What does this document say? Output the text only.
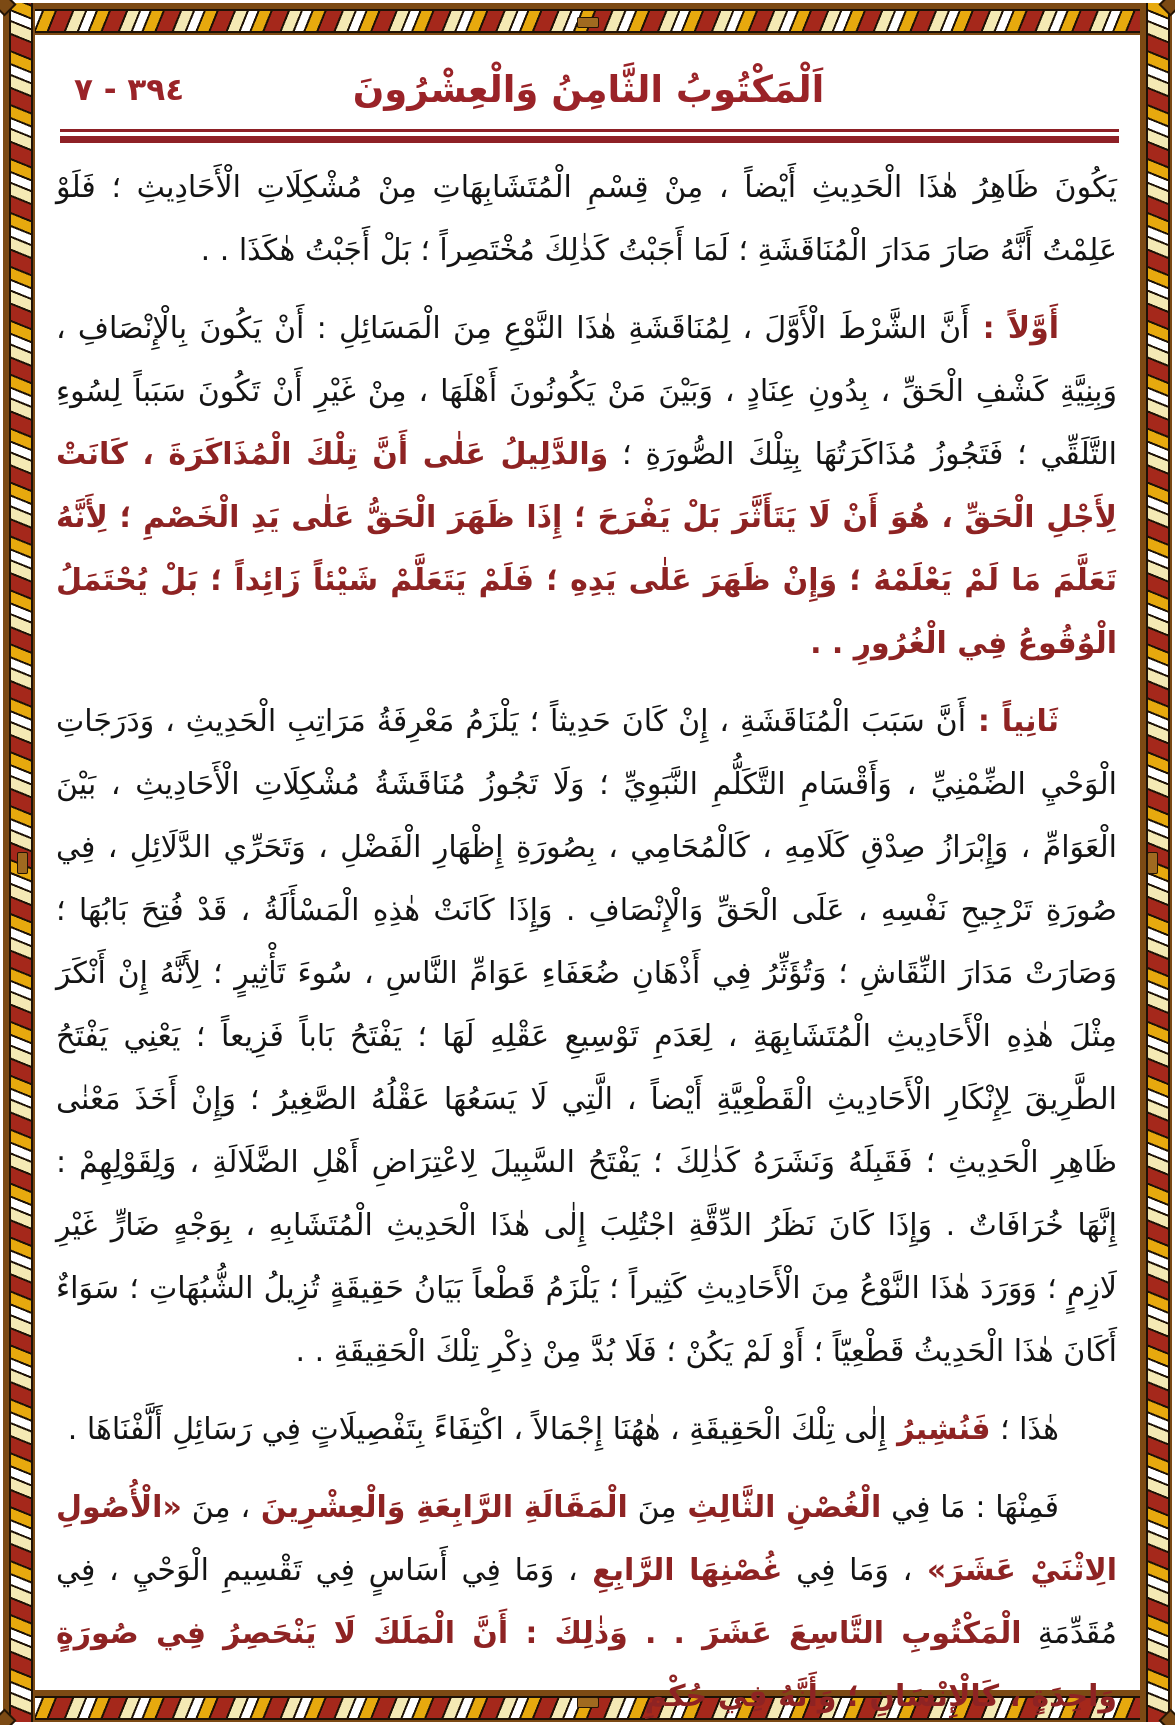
اَلْمَكْتُوبُ الثَّامِنُ وَالْعِشْرُونَ
٣٩٤ - ٧

يَكُونَ ظَاهِرُ هٰذَا الْحَدِيثِ أَيْضاً ، مِنْ قِسْمِ الْمُتَشَابِهَاتِ مِنْ مُشْكِلَاتِ الْأَحَادِيثِ ؛ فَلَوْ عَلِمْتُ أَنَّهُ صَارَ مَدَارَ الْمُنَاقَشَةِ ؛ لَمَا أَجَبْتُ كَذٰلِكَ مُخْتَصِراً ؛ بَلْ أَجَبْتُ هٰكَذَا . .

أَوَّلاً : أَنَّ الشَّرْطَ الْأَوَّلَ ، لِمُنَاقَشَةِ هٰذَا النَّوْعِ مِنَ الْمَسَائِلِ : أَنْ يَكُونَ بِالْإِنْصَافِ ، وَبِنِيَّةِ كَشْفِ الْحَقِّ ، بِدُونِ عِنَادٍ ، وَبَيْنَ مَنْ يَكُونُونَ أَهْلَهَا ، مِنْ غَيْرِ أَنْ تَكُونَ سَبَباً لِسُوءِ التَّلَقِّي ؛ فَتَجُوزُ مُذَاكَرَتُهَا بِتِلْكَ الصُّورَةِ ؛ وَالدَّلِيلُ عَلٰى أَنَّ تِلْكَ الْمُذَاكَرَةَ ، كَانَتْ لِأَجْلِ الْحَقِّ ، هُوَ أَنْ لَا يَتَأَثَّرَ بَلْ يَفْرَحَ ؛ إِذَا ظَهَرَ الْحَقُّ عَلٰى يَدِ الْخَصْمِ ؛ لِأَنَّهُ تَعَلَّمَ مَا لَمْ يَعْلَمْهُ ؛ وَإِنْ ظَهَرَ عَلٰى يَدِهِ ؛ فَلَمْ يَتَعَلَّمْ شَيْئاً زَائِداً ؛ بَلْ يُحْتَمَلُ الْوُقُوعُ فِي الْغُرُورِ . .

ثَانِياً : أَنَّ سَبَبَ الْمُنَاقَشَةِ ، إِنْ كَانَ حَدِيثاً ؛ يَلْزَمُ مَعْرِفَةُ مَرَاتِبِ الْحَدِيثِ ، وَدَرَجَاتِ الْوَحْيِ الضِّمْنِيِّ ، وَأَقْسَامِ التَّكَلُّمِ النَّبَوِيِّ ؛ وَلَا تَجُوزُ مُنَاقَشَةُ مُشْكِلَاتِ الْأَحَادِيثِ ، بَيْنَ الْعَوَامِّ ، وَإِبْرَازُ صِدْقِ كَلَامِهِ ، كَالْمُحَامِي ، بِصُورَةِ إِظْهَارِ الْفَضْلِ ، وَتَحَرِّي الدَّلَائِلِ ، فِي صُورَةِ تَرْجِيحِ نَفْسِهِ ، عَلَى الْحَقِّ وَالْإِنْصَافِ . وَإِذَا كَانَتْ هٰذِهِ الْمَسْأَلَةُ ، قَدْ فُتِحَ بَابُهَا ؛ وَصَارَتْ مَدَارَ النِّقَاشِ ؛ وَتُؤَثِّرُ فِي أَذْهَانِ ضُعَفَاءِ عَوَامِّ النَّاسِ ، سُوءَ تَأْثِيرٍ ؛ لِأَنَّهُ إِنْ أَنْكَرَ مِثْلَ هٰذِهِ الْأَحَادِيثِ الْمُتَشَابِهَةِ ، لِعَدَمِ تَوْسِيعِ عَقْلِهِ لَهَا ؛ يَفْتَحُ بَاباً فَزِيعاً ؛ يَعْنِي يَفْتَحُ الطَّرِيقَ لِإِنْكَارِ الْأَحَادِيثِ الْقَطْعِيَّةِ أَيْضاً ، الَّتِي لَا يَسَعُهَا عَقْلُهُ الصَّغِيرُ ؛ وَإِنْ أَخَذَ مَعْنٰى ظَاهِرِ الْحَدِيثِ ؛ فَقَبِلَهُ وَنَشَرَهُ كَذٰلِكَ ؛ يَفْتَحُ السَّبِيلَ لِاعْتِرَاضِ أَهْلِ الضَّلَالَةِ ، وَلِقَوْلِهِمْ : إِنَّهَا خُرَافَاتٌ . وَإِذَا كَانَ نَظَرُ الدِّقَّةِ اجْتُلِبَ إِلٰى هٰذَا الْحَدِيثِ الْمُتَشَابِهِ ، بِوَجْهٍ ضَارٍّ غَيْرِ لَازِمٍ ؛ وَوَرَدَ هٰذَا النَّوْعُ مِنَ الْأَحَادِيثِ كَثِيراً ؛ يَلْزَمُ قَطْعاً بَيَانُ حَقِيقَةٍ تُزِيلُ الشُّبُهَاتِ ؛ سَوَاءٌ أَكَانَ هٰذَا الْحَدِيثُ قَطْعِيّاً ؛ أَوْ لَمْ يَكُنْ ؛ فَلَا بُدَّ مِنْ ذِكْرِ تِلْكَ الْحَقِيقَةِ . .

هٰذَا ؛ فَنُشِيرُ إِلٰى تِلْكَ الْحَقِيقَةِ ، هٰهُنَا إِجْمَالاً ، اكْتِفَاءً بِتَفْصِيلَاتٍ فِي رَسَائِلِ أَلَّفْنَاهَا .

فَمِنْهَا : مَا فِي الْغُصْنِ الثَّالِثِ مِنَ الْمَقَالَةِ الرَّابِعَةِ وَالْعِشْرِينَ ، مِنَ «الْأُصُولِ الِاثْنَيْ عَشَرَ» ، وَمَا فِي غُصْنِهَا الرَّابِعِ ، وَمَا فِي أَسَاسٍ فِي تَقْسِيمِ الْوَحْيِ ، فِي مُقَدِّمَةِ الْمَكْتُوبِ التَّاسِعَ عَشَرَ . . وَذٰلِكَ : أَنَّ الْمَلَكَ لَا يَنْحَصِرُ فِي صُورَةٍ وَاحِدَةٍ ، كَالْإِنْسَانِ ؛ وَأَنَّهُ فِي حُكْمِ
